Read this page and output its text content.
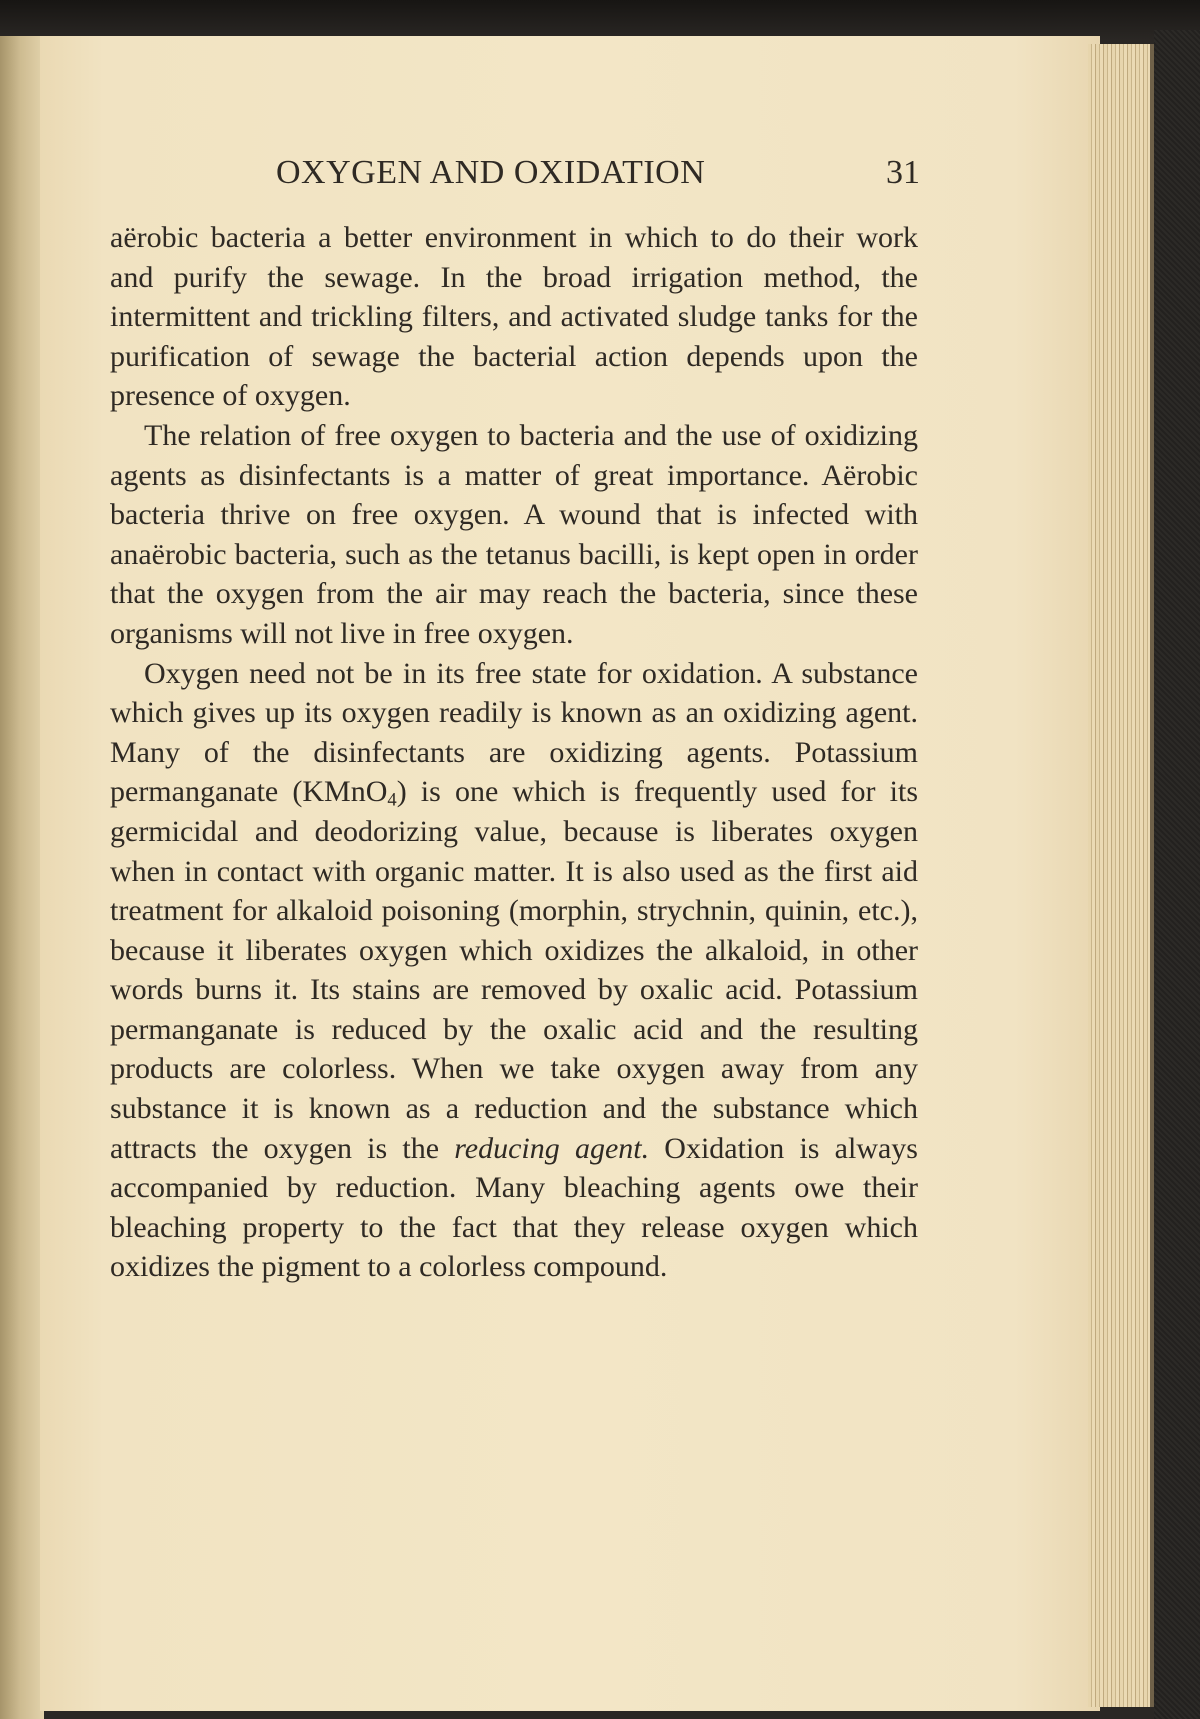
OXYGEN AND OXIDATION	31

aërobic bacteria a better environment in which to do their work and purify the sewage. In the broad irrigation method, the intermittent and trickling filters, and activated sludge tanks for the purification of sewage the bacterial action depends upon the presence of oxygen.

The relation of free oxygen to bacteria and the use of oxidizing agents as disinfectants is a matter of great importance. Aërobic bacteria thrive on free oxygen. A wound that is infected with anaërobic bacteria, such as the tetanus bacilli, is kept open in order that the oxygen from the air may reach the bacteria, since these organisms will not live in free oxygen.

Oxygen need not be in its free state for oxidation. A substance which gives up its oxygen readily is known as an oxidizing agent. Many of the disinfectants are oxidizing agents. Potassium permanganate (KMnO$_4$) is one which is frequently used for its germicidal and deodorizing value, because is liberates oxygen when in contact with organic matter. It is also used as the first aid treatment for alkaloid poisoning (morphin, strychnin, quinin, etc.), because it liberates oxygen which oxidizes the alkaloid, in other words burns it. Its stains are removed by oxalic acid. Potassium permanganate is reduced by the oxalic acid and the resulting products are colorless. When we take oxygen away from any substance it is known as a reduction and the substance which attracts the oxygen is the reducing agent. Oxidation is always accompanied by reduction. Many bleaching agents owe their bleaching property to the fact that they release oxygen which oxidizes the pigment to a colorless compound.
